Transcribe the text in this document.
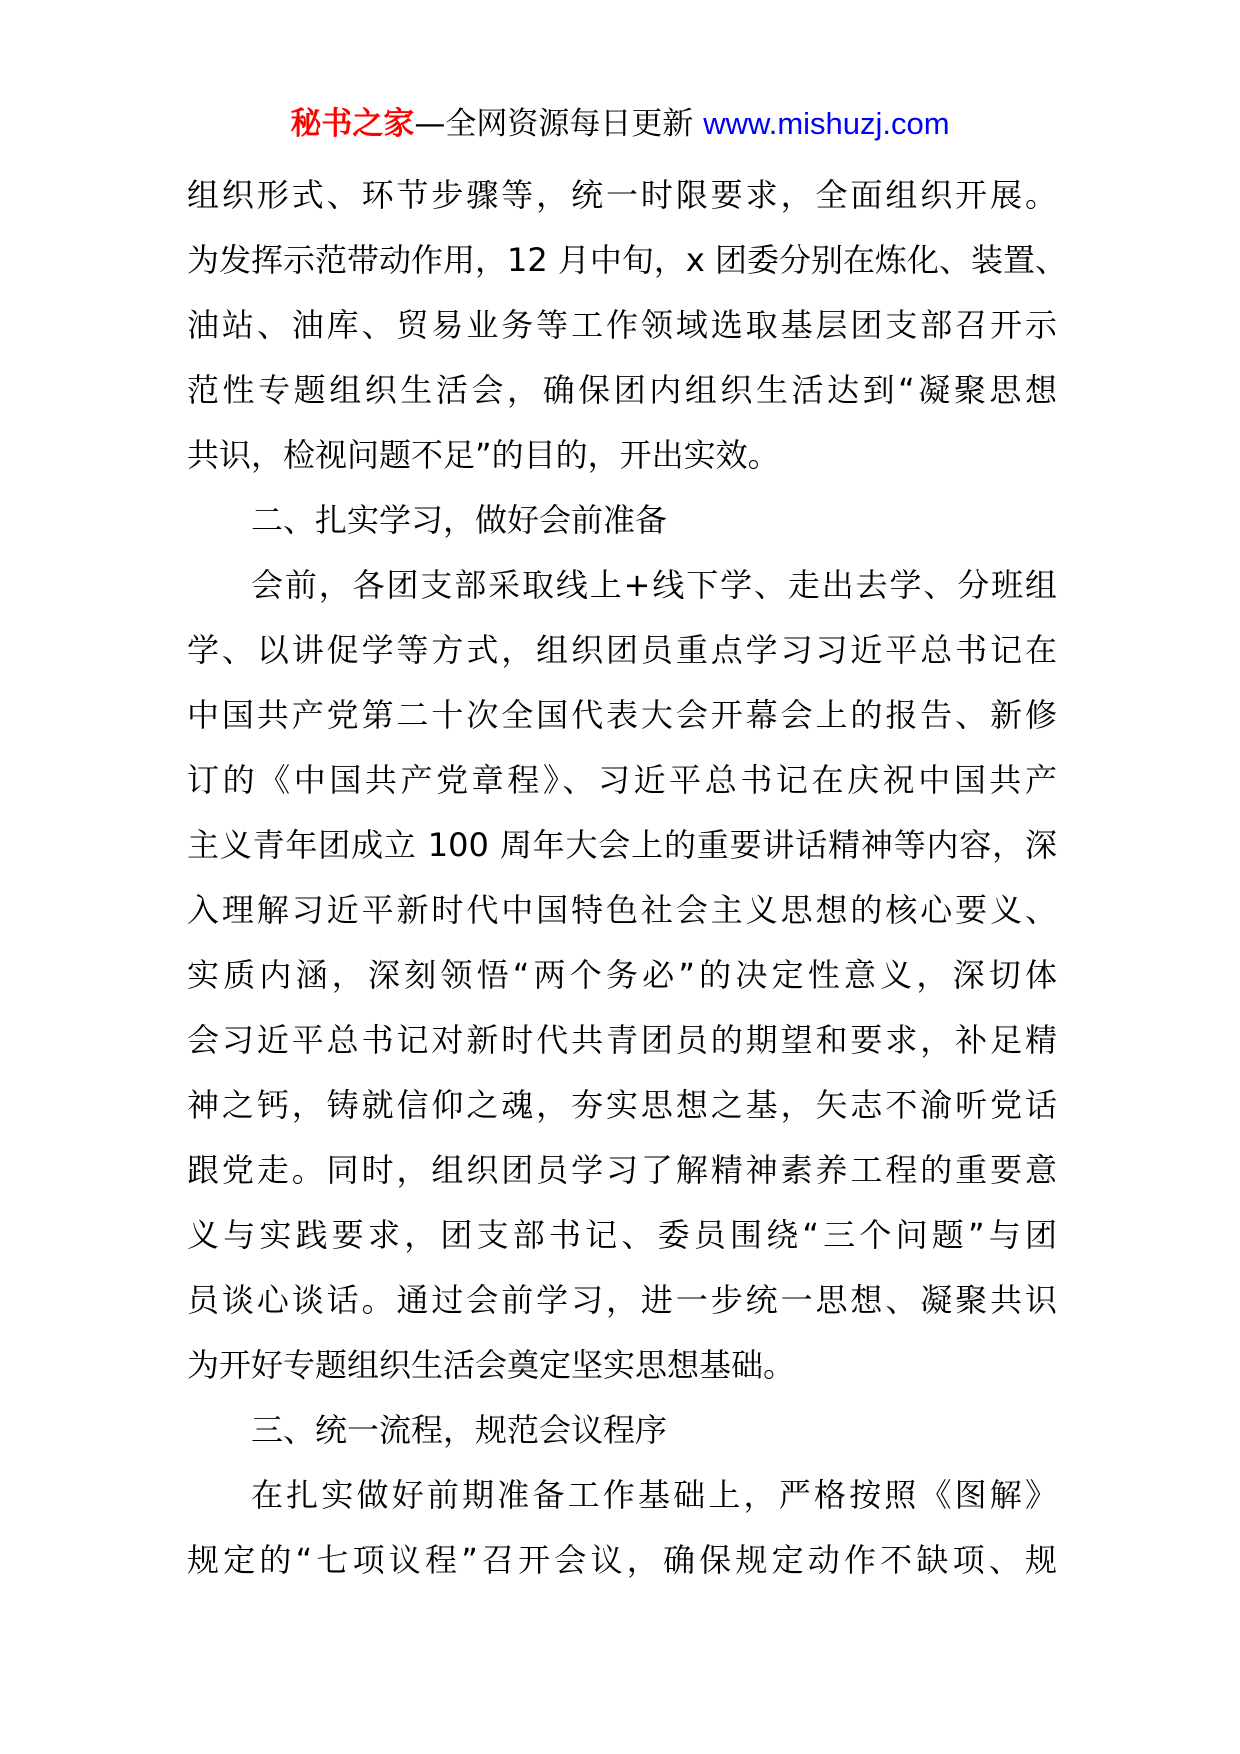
秘书之家—全网资源每日更新 www.mishuzj.com
组织形式、环节步骤等，统一时限要求，全面组织开展。
为发挥示范带动作用，12 月中旬，x 团委分别在炼化、装置、
油站、油库、贸易业务等工作领域选取基层团支部召开示
范性专题组织生活会，确保团内组织生活达到“凝聚思想
共识，检视问题不足”的目的，开出实效。
二、扎实学习，做好会前准备
会前，各团支部采取线上+线下学、走出去学、分班组
学、以讲促学等方式，组织团员重点学习习近平总书记在
中国共产党第二十次全国代表大会开幕会上的报告、新修
订的《中国共产党章程》、习近平总书记在庆祝中国共产
主义青年团成立 100 周年大会上的重要讲话精神等内容，深
入理解习近平新时代中国特色社会主义思想的核心要义、
实质内涵，深刻领悟“两个务必”的决定性意义，深切体
会习近平总书记对新时代共青团员的期望和要求，补足精
神之钙，铸就信仰之魂，夯实思想之基，矢志不渝听党话
跟党走。同时，组织团员学习了解精神素养工程的重要意
义与实践要求，团支部书记、委员围绕“三个问题”与团
员谈心谈话。通过会前学习，进一步统一思想、凝聚共识
为开好专题组织生活会奠定坚实思想基础。
三、统一流程，规范会议程序
在扎实做好前期准备工作基础上，严格按照《图解》
规定的“七项议程”召开会议，确保规定动作不缺项、规
